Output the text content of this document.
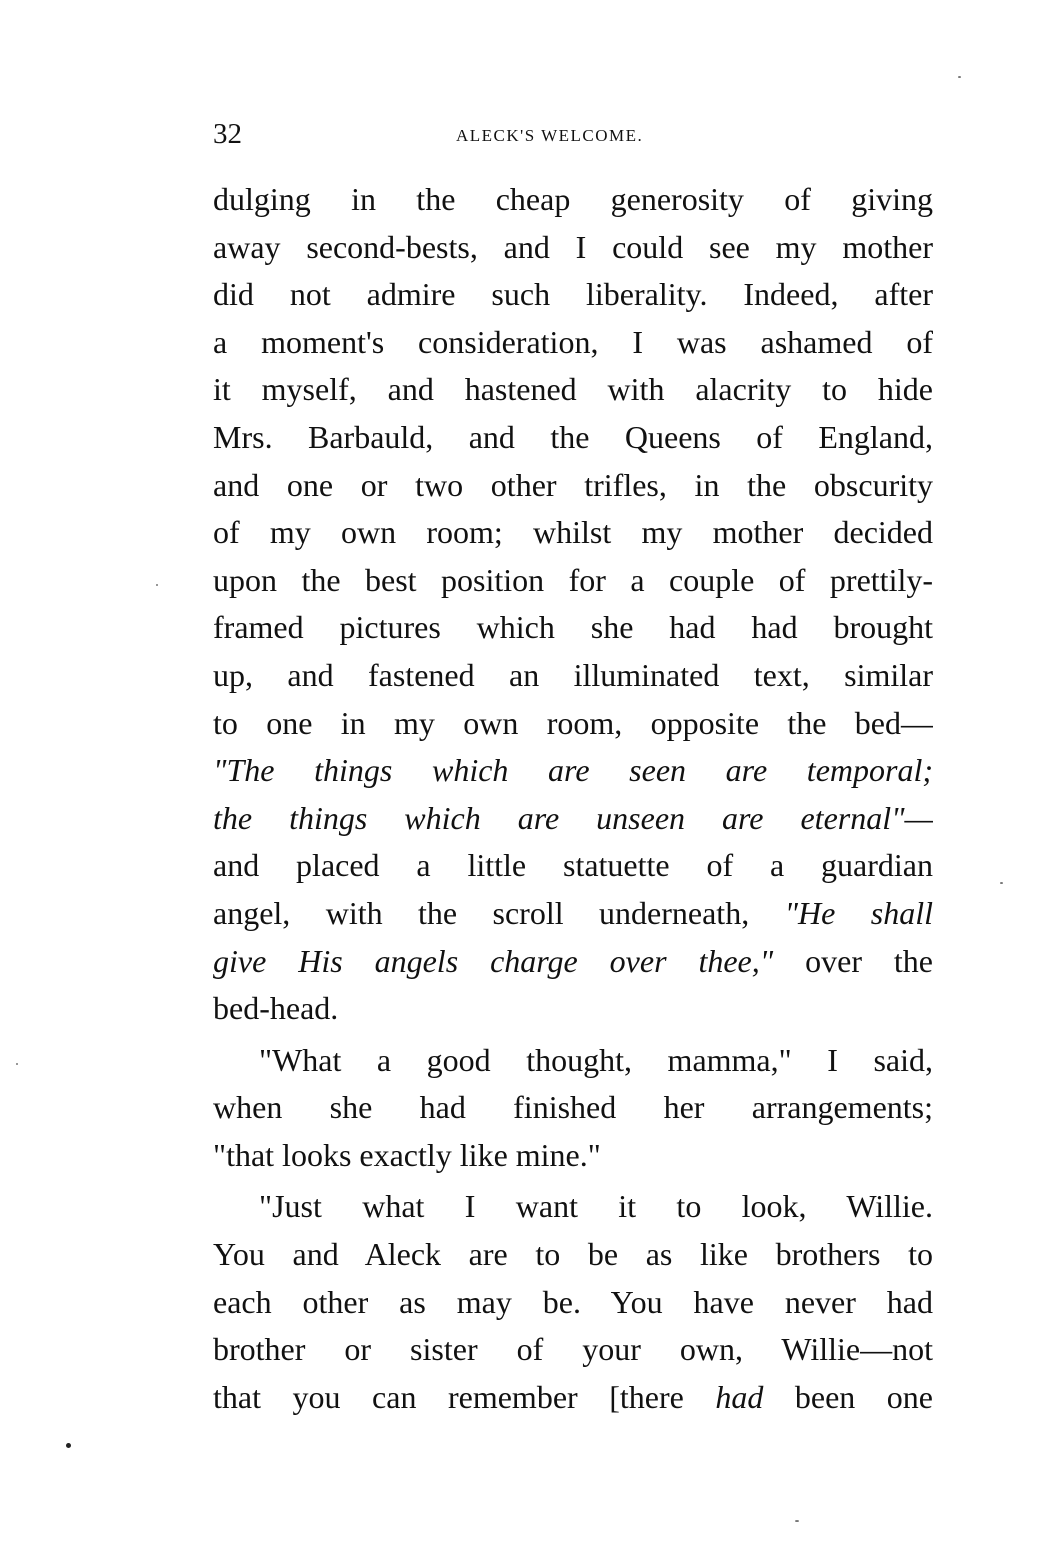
32	ALECK'S WELCOME.
dulging in the cheap generosity of giving
away second-bests, and I could see my mother
did not admire such liberality. Indeed, after
a moment's consideration, I was ashamed of
it myself, and hastened with alacrity to hide
Mrs. Barbauld, and the Queens of England,
and one or two other trifles, in the obscurity
of my own room; whilst my mother decided
upon the best position for a couple of prettily-
framed pictures which she had had brought
up, and fastened an illuminated text, similar
to one in my own room, opposite the bed—
"The things which are seen are temporal;
the things which are unseen are eternal"—
and placed a little statuette of a guardian
angel, with the scroll underneath, "He shall
give His angels charge over thee," over the
bed-head.
"What a good thought, mamma," I said,
when she had finished her arrangements;
"that looks exactly like mine."
"Just what I want it to look, Willie.
You and Aleck are to be as like brothers to
each other as may be. You have never had
brother or sister of your own, Willie—not
that you can remember [there had been one
